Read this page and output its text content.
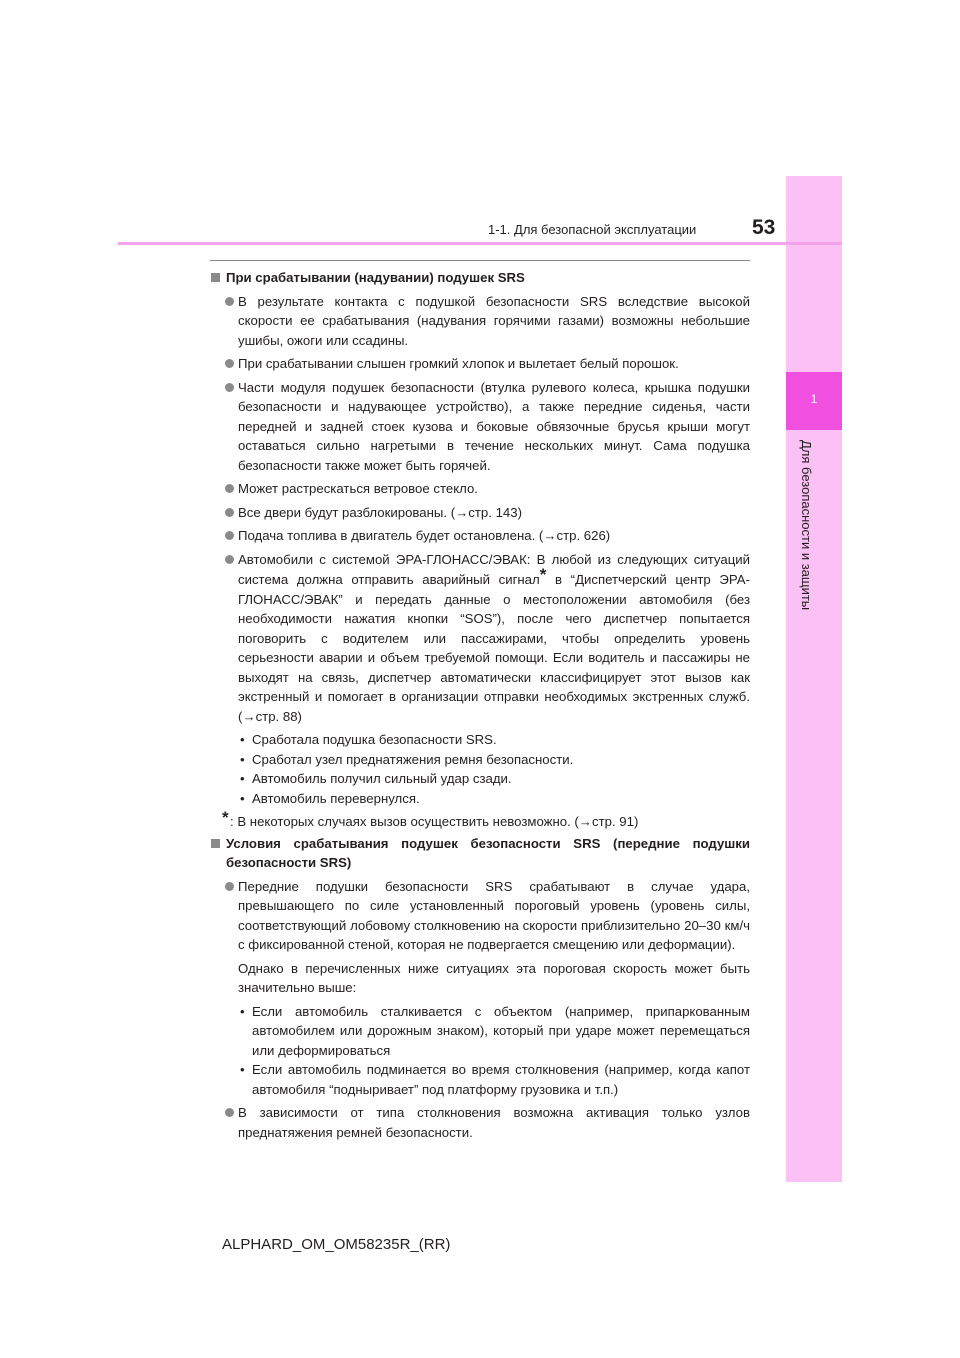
1
Для безопасности и защиты
1-1. Для безопасной эксплуатации	53
При срабатывании (надувании) подушек SRS
В результате контакта с подушкой безопасности SRS вследствие высокой скорости ее срабатывания (надувания горячими газами) возможны небольшие ушибы, ожоги или ссадины.
При срабатывании слышен громкий хлопок и вылетает белый порошок.
Части модуля подушек безопасности (втулка рулевого колеса, крышка подушки безопасности и надувающее устройство), а также передние сиденья, части передней и задней стоек кузова и боковые обвязочные брусья крыши могут оставаться сильно нагретыми в течение нескольких минут. Сама подушка безопасности также может быть горячей.
Может растрескаться ветровое стекло.
Все двери будут разблокированы. (→стр. 143)
Подача топлива в двигатель будет остановлена. (→стр. 626)
Автомобили с системой ЭРА-ГЛОНАСС/ЭВАК: В любой из следующих ситуаций система должна отправить аварийный сигнал* в “Диспетчерский центр ЭРА-ГЛОНАСС/ЭВАК” и передать данные о местоположении автомобиля (без необходимости нажатия кнопки “SOS”), после чего диспетчер попытается поговорить с водителем или пассажирами, чтобы определить уровень серьезности аварии и объем требуемой помощи. Если водитель и пассажиры не выходят на связь, диспетчер автоматически классифицирует этот вызов как экстренный и помогает в организации отправки необходимых экстренных служб. (→стр. 88)
• Сработала подушка безопасности SRS.
• Сработал узел преднатяжения ремня безопасности.
• Автомобиль получил сильный удар сзади.
• Автомобиль перевернулся.
* : В некоторых случаях вызов осуществить невозможно. (→стр. 91)
Условия срабатывания подушек безопасности SRS (передние подушки безопасности SRS)
Передние подушки безопасности SRS срабатывают в случае удара, превышающего по силе установленный пороговый уровень (уровень силы, соответствующий лобовому столкновению на скорости приблизительно 20–30 км/ч с фиксированной стеной, которая не подвергается смещению или деформации).
Однако в перечисленных ниже ситуациях эта пороговая скорость может быть значительно выше:
• Если автомобиль сталкивается с объектом (например, припаркованным автомобилем или дорожным знаком), который при ударе может перемещаться или деформироваться
• Если автомобиль подминается во время столкновения (например, когда капот автомобиля “подныривает” под платформу грузовика и т.п.)
В зависимости от типа столкновения возможна активация только узлов преднатяжения ремней безопасности.
ALPHARD_OM_OM58235R_(RR)
